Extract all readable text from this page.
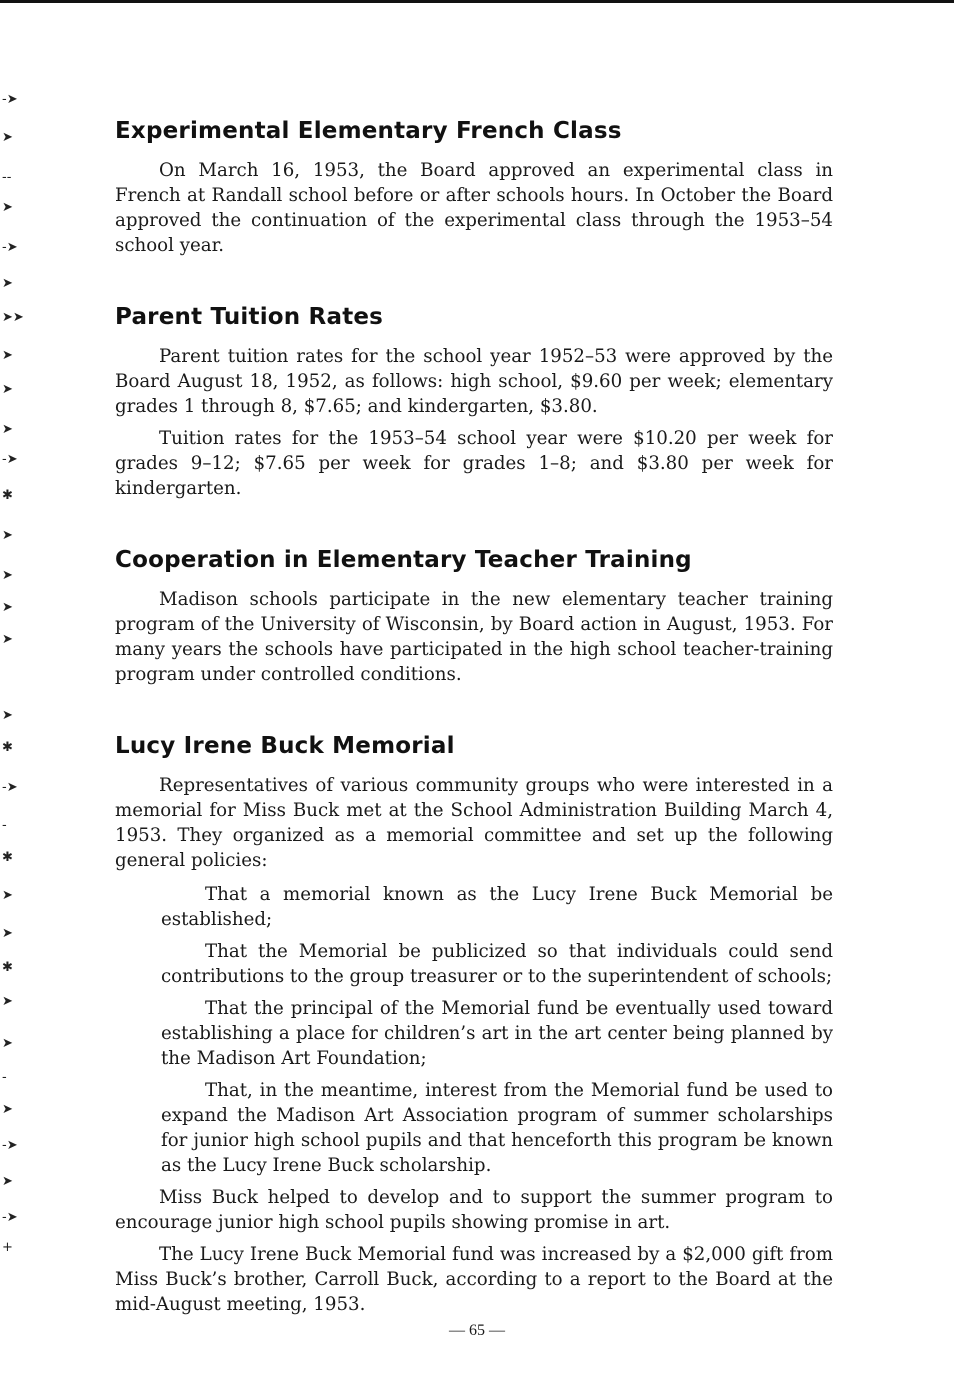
-➤
➤
--
➤
-➤
➤
➤➤
➤
➤
➤
-➤
✱
➤
➤
➤
➤
➤
✱
-➤
-
✱
➤
➤
✱
➤
➤
-
➤
-➤
➤
-➤
+
Experimental Elementary French Class

On March 16, 1953, the Board approved an experimental class in French at Randall school before or after schools hours. In October the Board approved the continuation of the experimental class through the 1953–54 school year.

Parent Tuition Rates

Parent tuition rates for the school year 1952–53 were approved by the Board August 18, 1952, as follows: high school, $9.60 per week; elementary grades 1 through 8, $7.65; and kindergarten, $3.80.

Tuition rates for the 1953–54 school year were $10.20 per week for grades 9–12; $7.65 per week for grades 1–8; and $3.80 per week for kindergarten.

Cooperation in Elementary Teacher Training

Madison schools participate in the new elementary teacher training program of the University of Wisconsin, by Board action in August, 1953. For many years the schools have participated in the high school teacher-training program under controlled conditions.

Lucy Irene Buck Memorial

Representatives of various community groups who were interested in a memorial for Miss Buck met at the School Administration Building March 4, 1953. They organized as a memorial committee and set up the following general policies:

That a memorial known as the Lucy Irene Buck Memorial be established;

That the Memorial be publicized so that individuals could send contributions to the group treasurer or to the superintendent of schools;

That the principal of the Memorial fund be eventually used toward establishing a place for children’s art in the art center being planned by the Madison Art Foundation;

That, in the meantime, interest from the Memorial fund be used to expand the Madison Art Association program of summer scholarships for junior high school pupils and that henceforth this program be known as the Lucy Irene Buck scholarship.

Miss Buck helped to develop and to support the summer program to encourage junior high school pupils showing promise in art.

The Lucy Irene Buck Memorial fund was increased by a $2,000 gift from Miss Buck’s brother, Carroll Buck, according to a report to the Board at the mid-August meeting, 1953.

— 65 —
